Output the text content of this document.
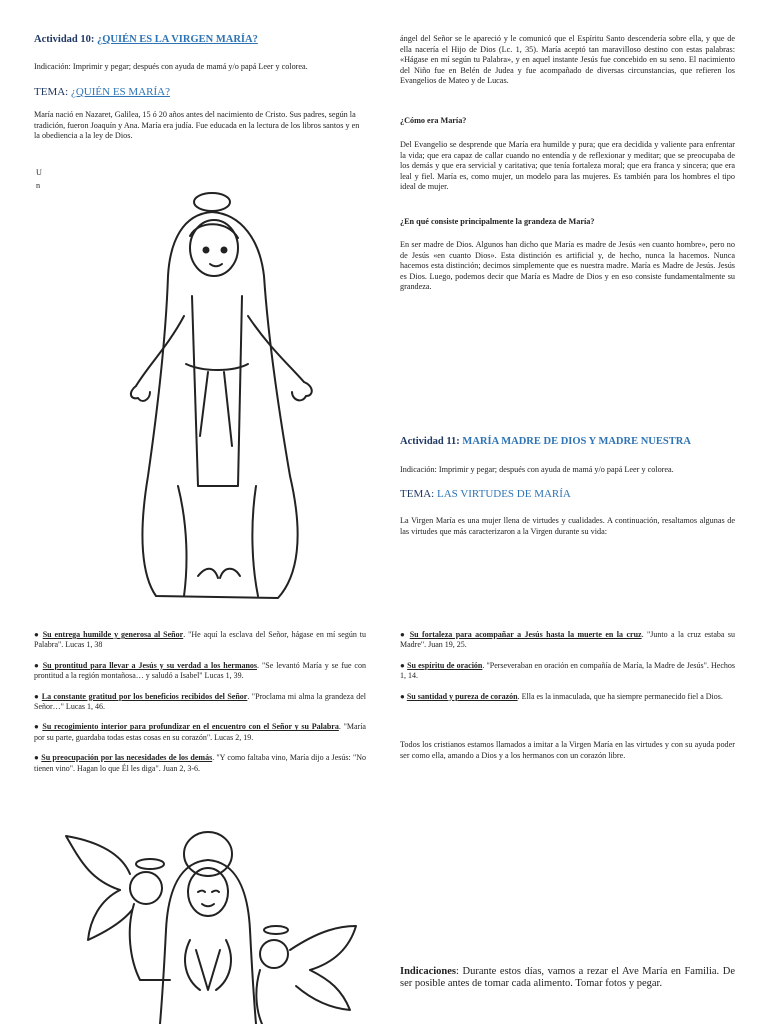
Actividad 10: ¿QUIÉN ES LA VIRGEN MARÍA?

Indicación: Imprimir y pegar; después con ayuda de mamá y/o papá Leer y colorea.

TEMA: ¿QUIÉN ES MARÍA?

María nació en Nazaret, Galilea, 15 ó 20 años antes del nacimiento de Cristo. Sus padres, según la tradición, fueron Joaquín y Ana. María era judía. Fue educada en la lectura de los libros santos y en la obediencia a la ley de Dios.

U
n

● Su entrega humilde y generosa al Señor. "He aquí la esclava del Señor, hágase en mí según tu Palabra". Lucas 1, 38

● Su prontitud para llevar a Jesús y su verdad a los hermanos. "Se levantó María y se fue con prontitud a la región montañosa… y saludó a Isabel" Lucas 1, 39.

● La constante gratitud por los beneficios recibidos del Señor. "Proclama mi alma la grandeza del Señor…" Lucas 1, 46.

● Su recogimiento interior para profundizar en el encuentro con el Señor y su Palabra. "María por su parte, guardaba todas estas cosas en su corazón". Lucas 2, 19.

● Su preocupación por las necesidades de los demás. "Y como faltaba vino, María dijo a Jesús: "No tienen vino". Hagan lo que Él les diga". Juan 2, 3-6.

ángel del Señor se le apareció y le comunicó que el Espíritu Santo descendería sobre ella, y que de ella nacería el Hijo de Dios (Lc. 1, 35). María aceptó tan maravilloso destino con estas palabras: «Hágase en mí según tu Palabra», y en aquel instante Jesús fue concebido en su seno. El nacimiento del Niño fue en Belén de Judea y fue acompañado de diversas circunstancias, que refieren los Evangelios de Mateo y de Lucas.

¿Cómo era María?

Del Evangelio se desprende que María era humilde y pura; que era decidida y valiente para enfrentar la vida; que era capaz de callar cuando no entendía y de reflexionar y meditar; que se preocupaba de los demás y que era servicial y caritativa; que tenía fortaleza moral; que era franca y sincera; que era leal y fiel. María es, como mujer, un modelo para las mujeres. Es también para los hombres el tipo ideal de mujer.

¿En qué consiste principalmente la grandeza de María?

En ser madre de Dios. Algunos han dicho que María es madre de Jesús «en cuanto hombre», pero no de Jesús «en cuanto Dios». Esta distinción es artificial y, de hecho, nunca la hacemos. Nunca hacemos esta distinción; decimos simplemente que es nuestra madre. María es Madre de Jesús. Jesús es Dios. Luego, podemos decir que María es Madre de Dios y en eso consiste fundamentalmente su grandeza.

Actividad 11: MARÍA MADRE DE DIOS Y MADRE NUESTRA

Indicación: Imprimir y pegar; después con ayuda de mamá y/o papá Leer y colorea.

TEMA: LAS VIRTUDES DE MARÍA

La Virgen María es una mujer llena de virtudes y cualidades. A continuación, resaltamos algunas de las virtudes que más caracterizaron a la Virgen durante su vida:

● Su fortaleza para acompañar a Jesús hasta la muerte en la cruz. "Junto a la cruz estaba su Madre". Juan 19, 25.

● Su espíritu de oración. "Perseveraban en oración en compañía de María, la Madre de Jesús". Hechos 1, 14.

● Su santidad y pureza de corazón. Ella es la inmaculada, que ha siempre permanecido fiel a Dios.

Todos los cristianos estamos llamados a imitar a la Virgen María en las virtudes y con su ayuda poder ser como ella, amando a Dios y a los hermanos con un corazón libre.

Indicaciones: Durante estos días, vamos a rezar el Ave María en Familia. De ser posible antes de tomar cada alimento. Tomar fotos y pegar.
